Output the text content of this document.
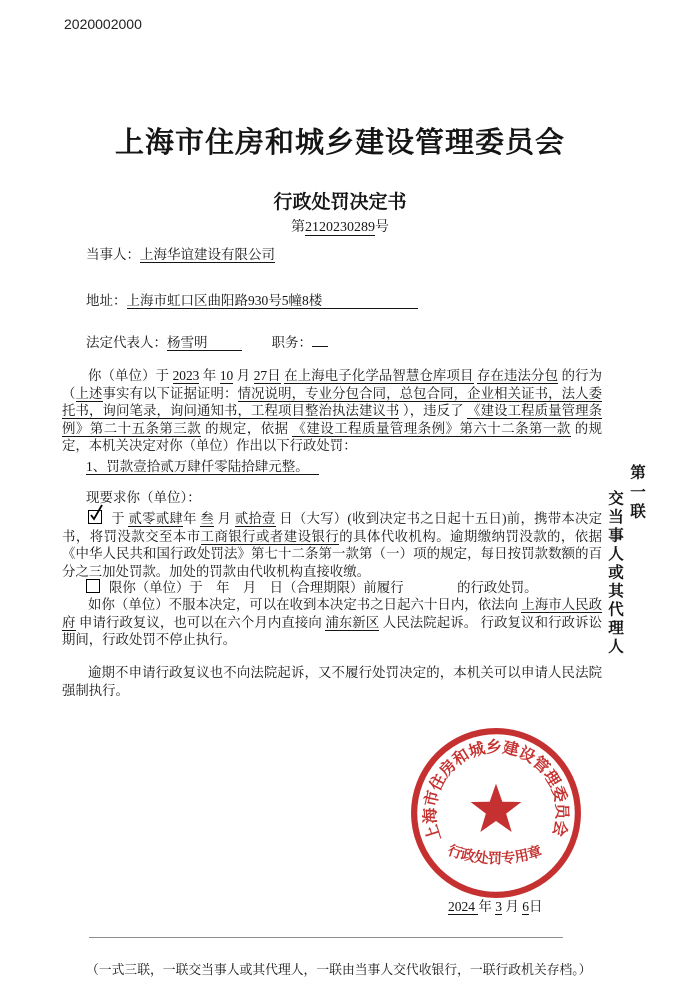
2020002000
上海市住房和城乡建设管理委员会
行政处罚决定书
第2120230289号
当事人：上海华谊建设有限公司
地址：上海市虹口区曲阳路930号5幢8楼
法定代表人：杨雪明	职务：
你（单位）于 2023 年 10 月 27日 在上海电子化学品智慧仓库项目 存在违法分包 的行为（上述事实有以下证据证明：情况说明，专业分包合同，总包合同，企业相关证书，法人委托书，询问笔录，询问通知书，工程项目整治执法建议书 ），违反了 《建设工程质量管理条例》第二十五条第三款 的规定，依据 《建设工程质量管理条例》第六十二条第一款 的规定，本机关决定对你（单位）作出以下行政处罚：
1、罚款壹拾贰万肆仟零陆拾肆元整。
现要求你（单位）：
于 贰零贰肆年 叁 月 贰拾壹 日（大写）(收到决定书之日起十五日)前，携带本决定书，将罚没款交至本市工商银行或者建设银行的具体代收机构。逾期缴纳罚没款的，依据《中华人民共和国行政处罚法》第七十二条第一款第（一）项的规定，每日按罚款数额的百分之三加处罚款。加处的罚款由代收机构直接收缴。
限你（单位）于　年　月　日（合理期限）前履行　　　　的行政处罚。
如你（单位）不服本决定，可以在收到本决定书之日起六十日内，依法向 上海市人民政府 申请行政复议，也可以在六个月内直接向 浦东新区 人民法院起诉。 行政复议和行政诉讼期间，行政处罚不停止执行。
逾期不申请行政复议也不向法院起诉，又不履行处罚决定的，本机关可以申请人民法院强制执行。
上海市住房和城乡建设管理委员会
行政处罚专用章
2024 年 3 月 6日
（一式三联，一联交当事人或其代理人，一联由当事人交代收银行，一联行政机关存档。）
第一联
交当事人或其代理人
